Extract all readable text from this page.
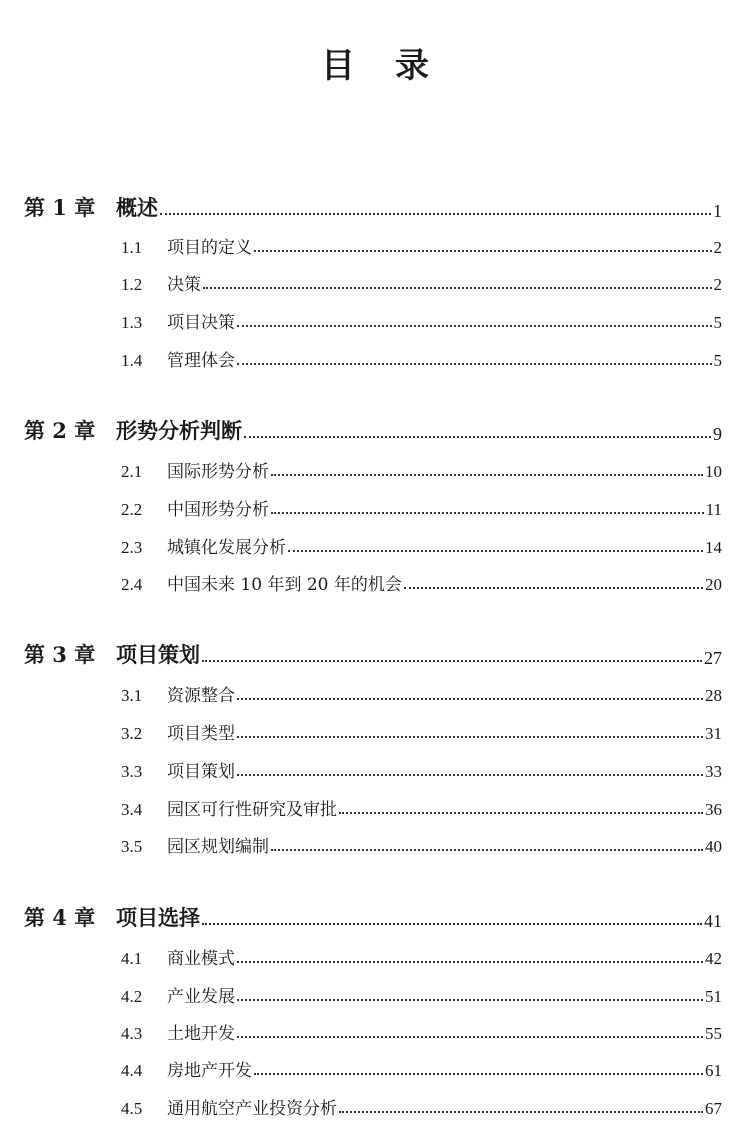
目 录
第 1 章 概述	1
1.1	项目的定义	2
1.2	决策	2
1.3	项目决策	5
1.4	管理体会	5
第 2 章 形势分析判断	9
2.1	国际形势分析	10
2.2	中国形势分析	11
2.3	城镇化发展分析	14
2.4	中国未来 10 年到 20 年的机会	20
第 3 章 项目策划	27
3.1	资源整合	28
3.2	项目类型	31
3.3	项目策划	33
3.4	园区可行性研究及审批	36
3.5	园区规划编制	40
第 4 章 项目选择	41
4.1	商业模式	42
4.2	产业发展	51
4.3	土地开发	55
4.4	房地产开发	61
4.5	通用航空产业投资分析	67
